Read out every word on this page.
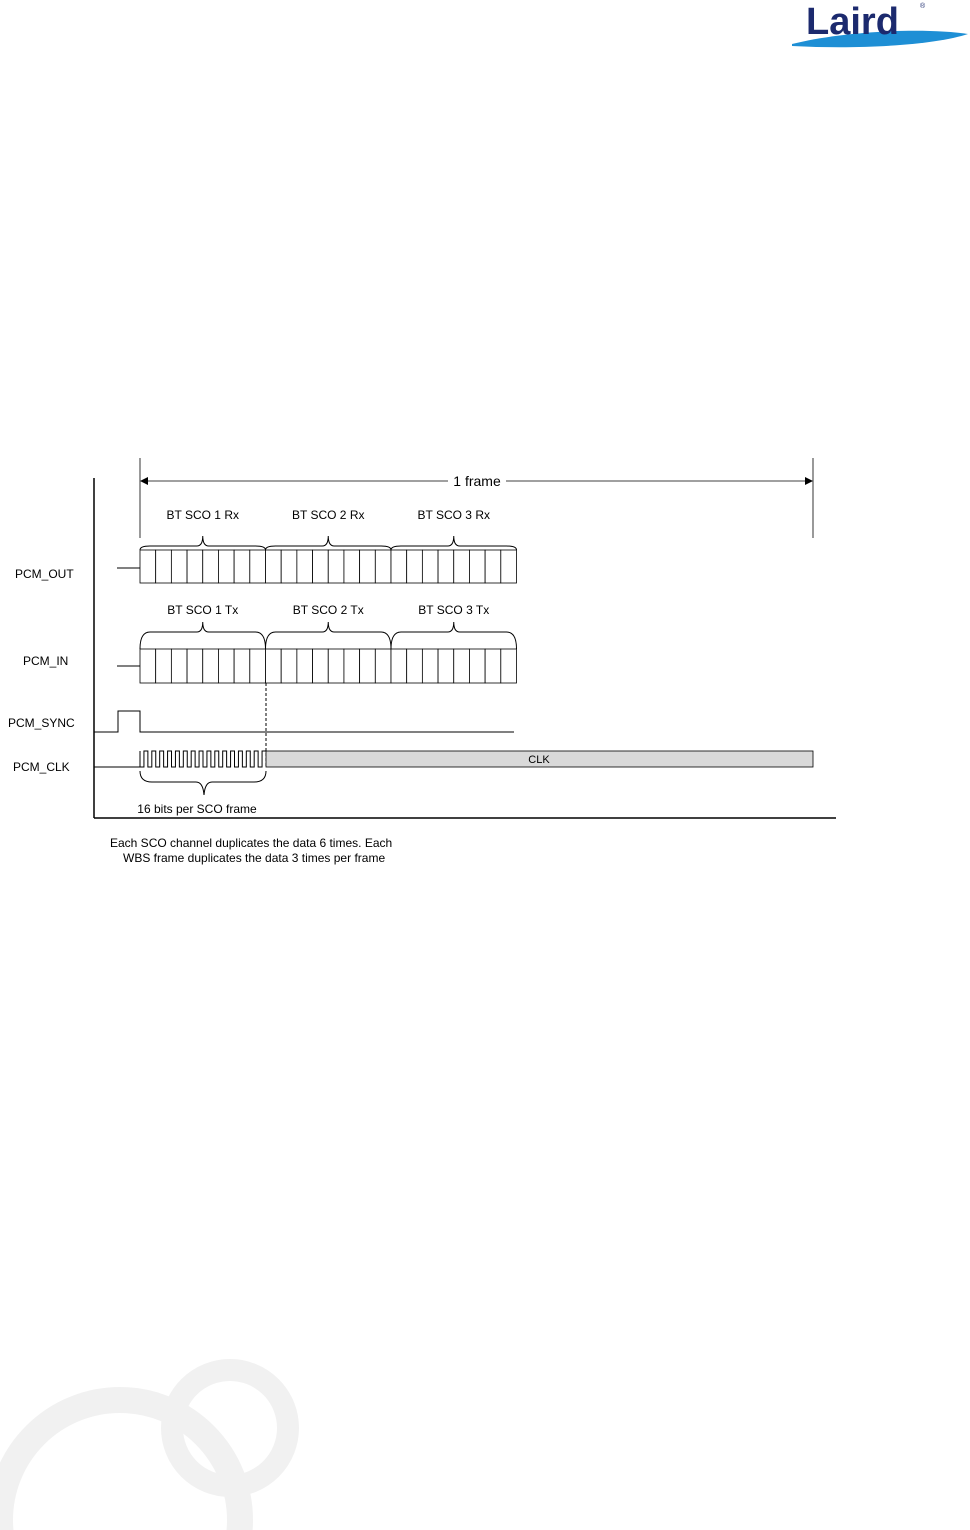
Laird	®
1 frame
PCM_OUT
PCM_IN
PCM_SYNC
PCM_CLK
BT SCO 1 Rx	BT SCO 2 Rx	BT SCO 3 Rx
BT SCO 1 Tx	BT SCO 2 Tx	BT SCO 3 Tx
CLK
16 bits per SCO frame
Each SCO channel duplicates the data 6 times. Each
WBS frame duplicates the data 3 times per frame
